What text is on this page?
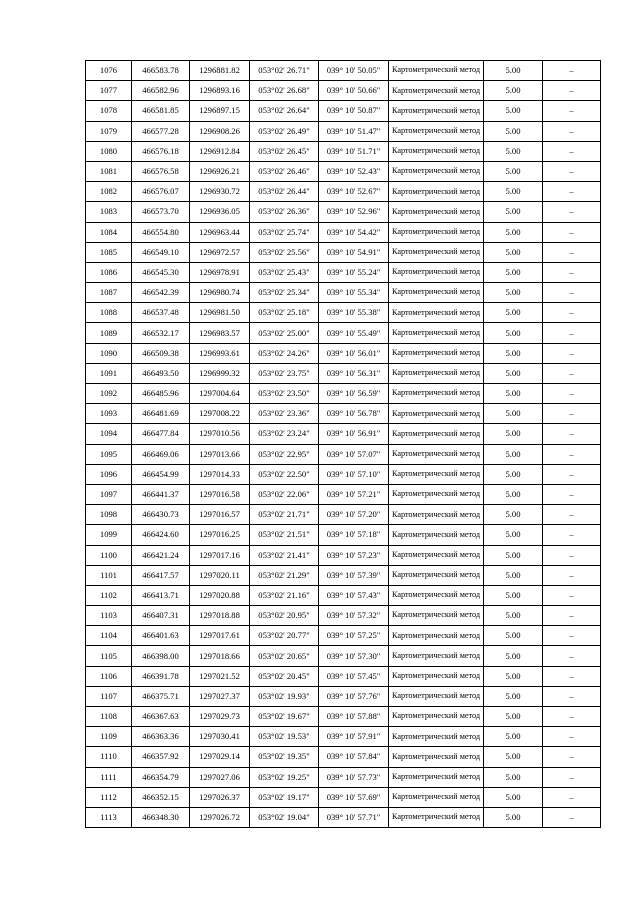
1076	466583.78	1296881.82	053°02' 26.71"	039° 10' 50.05"	Картометрический метод	5.00	–
1077	466582.96	1296893.16	053°02' 26.68"	039° 10' 50.66"	Картометрический метод	5.00	–
1078	466581.85	1296897.15	053°02' 26.64"	039° 10' 50.87"	Картометрический метод	5.00	–
1079	466577.28	1296908.26	053°02' 26.49"	039° 10' 51.47"	Картометрический метод	5.00	–
1080	466576.18	1296912.84	053°02' 26.45"	039° 10' 51.71"	Картометрический метод	5.00	–
1081	466576.58	1296926.21	053°02' 26.46"	039° 10' 52.43"	Картометрический метод	5.00	–
1082	466576.07	1296930.72	053°02' 26.44"	039° 10' 52.67"	Картометрический метод	5.00	–
1083	466573.70	1296936.05	053°02' 26.36"	039° 10' 52.96"	Картометрический метод	5.00	–
1084	466554.80	1296963.44	053°02' 25.74"	039° 10' 54.42"	Картометрический метод	5.00	–
1085	466549.10	1296972.57	053°02' 25.56"	039° 10' 54.91"	Картометрический метод	5.00	–
1086	466545.30	1296978.91	053°02' 25.43"	039° 10' 55.24"	Картометрический метод	5.00	–
1087	466542.39	1296980.74	053°02' 25.34"	039° 10' 55.34"	Картометрический метод	5.00	–
1088	466537.48	1296981.50	053°02' 25.18"	039° 10' 55.38"	Картометрический метод	5.00	–
1089	466532.17	1296983.57	053°02' 25.00"	039° 10' 55.49"	Картометрический метод	5.00	–
1090	466509.38	1296993.61	053°02' 24.26"	039° 10' 56.01"	Картометрический метод	5.00	–
1091	466493.50	1296999.32	053°02' 23.75"	039° 10' 56.31"	Картометрический метод	5.00	–
1092	466485.96	1297004.64	053°02' 23.50"	039° 10' 56.59"	Картометрический метод	5.00	–
1093	466481.69	1297008.22	053°02' 23.36"	039° 10' 56.78"	Картометрический метод	5.00	–
1094	466477.84	1297010.56	053°02' 23.24"	039° 10' 56.91"	Картометрический метод	5.00	–
1095	466469.06	1297013.66	053°02' 22.95"	039° 10' 57.07"	Картометрический метод	5.00	–
1096	466454.99	1297014.33	053°02' 22.50"	039° 10' 57.10"	Картометрический метод	5.00	–
1097	466441.37	1297016.58	053°02' 22.06"	039° 10' 57.21"	Картометрический метод	5.00	–
1098	466430.73	1297016.57	053°02' 21.71"	039° 10' 57.20"	Картометрический метод	5.00	–
1099	466424.60	1297016.25	053°02' 21.51"	039° 10' 57.18"	Картометрический метод	5.00	–
1100	466421.24	1297017.16	053°02' 21.41"	039° 10' 57.23"	Картометрический метод	5.00	–
1101	466417.57	1297020.11	053°02' 21.29"	039° 10' 57.39"	Картометрический метод	5.00	–
1102	466413.71	1297020.88	053°02' 21.16"	039° 10' 57.43"	Картометрический метод	5.00	–
1103	466407.31	1297018.88	053°02' 20.95"	039° 10' 57.32"	Картометрический метод	5.00	–
1104	466401.63	1297017.61	053°02' 20.77"	039° 10' 57.25"	Картометрический метод	5.00	–
1105	466398.00	1297018.66	053°02' 20.65"	039° 10' 57.30"	Картометрический метод	5.00	–
1106	466391.78	1297021.52	053°02' 20.45"	039° 10' 57.45"	Картометрический метод	5.00	–
1107	466375.71	1297027.37	053°02' 19.93"	039° 10' 57.76"	Картометрический метод	5.00	–
1108	466367.63	1297029.73	053°02' 19.67"	039° 10' 57.88"	Картометрический метод	5.00	–
1109	466363.36	1297030.41	053°02' 19.53"	039° 10' 57.91"	Картометрический метод	5.00	–
1110	466357.92	1297029.14	053°02' 19.35"	039° 10' 57.84"	Картометрический метод	5.00	–
1111	466354.79	1297027.06	053°02' 19.25"	039° 10' 57.73"	Картометрический метод	5.00	–
1112	466352.15	1297026.37	053°02' 19.17"	039° 10' 57.69"	Картометрический метод	5.00	–
1113	466348.30	1297026.72	053°02' 19.04"	039° 10' 57.71"	Картометрический метод	5.00	–
